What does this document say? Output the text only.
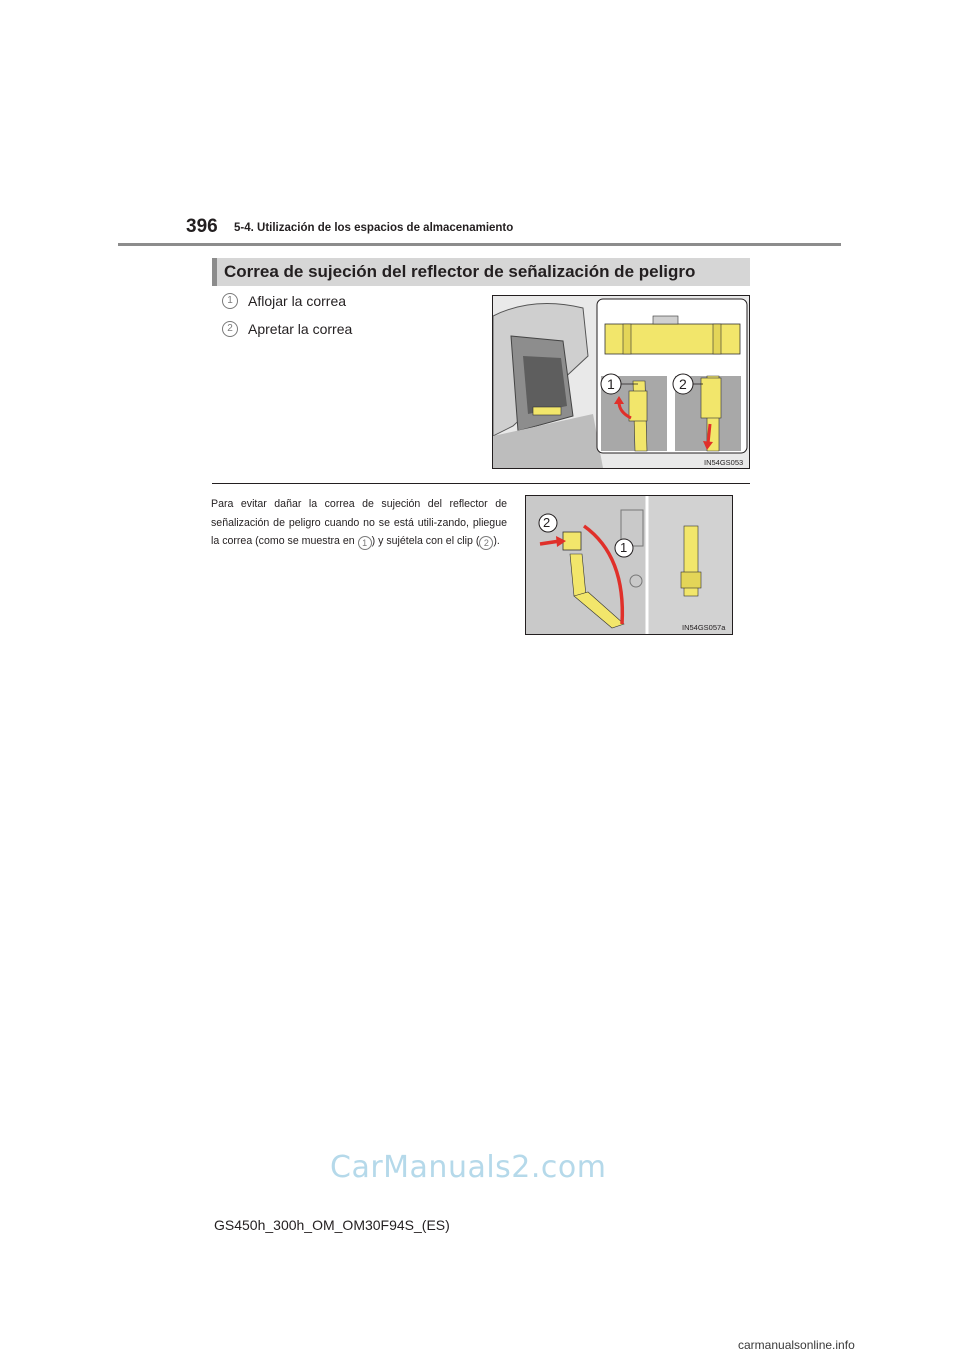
396 5-4. Utilización de los espacios de almacenamiento
Correa de sujeción del reflector de señalización de peligro
1	Aflojar la correa
2	Apretar la correa
1	2
IN54GS053
Para evitar dañar la correa de sujeción del reflector de señalización de peligro cuando no se está utili-zando, pliegue la correa (como se muestra en 1 ) y sujétela con el clip ( 2 ).
2
1
IN54GS057a
CarManuals2.com
GS450h_300h_OM_OM30F94S_(ES)
carmanualsonline.info
